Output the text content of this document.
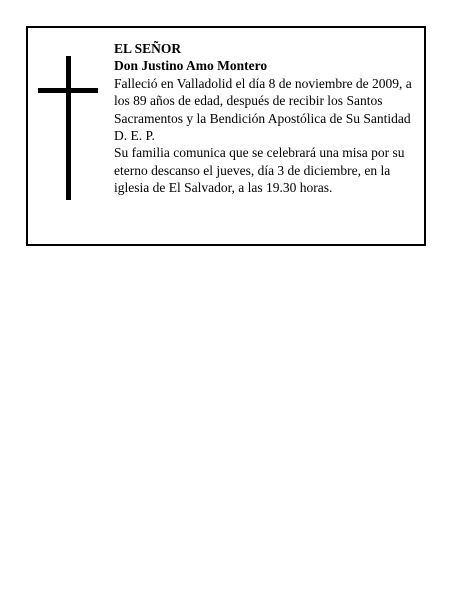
EL SEÑOR

Don Justino Amo Montero

Falleció en Valladolid el día 8 de noviembre de 2009, a

los 89 años de edad, después de recibir los Santos

Sacramentos y la Bendición Apostólica de Su Santidad

D. E. P.

Su familia comunica que se celebrará una misa por su

eterno descanso el jueves, día 3 de diciembre, en la

iglesia de El Salvador, a las 19.30 horas.
